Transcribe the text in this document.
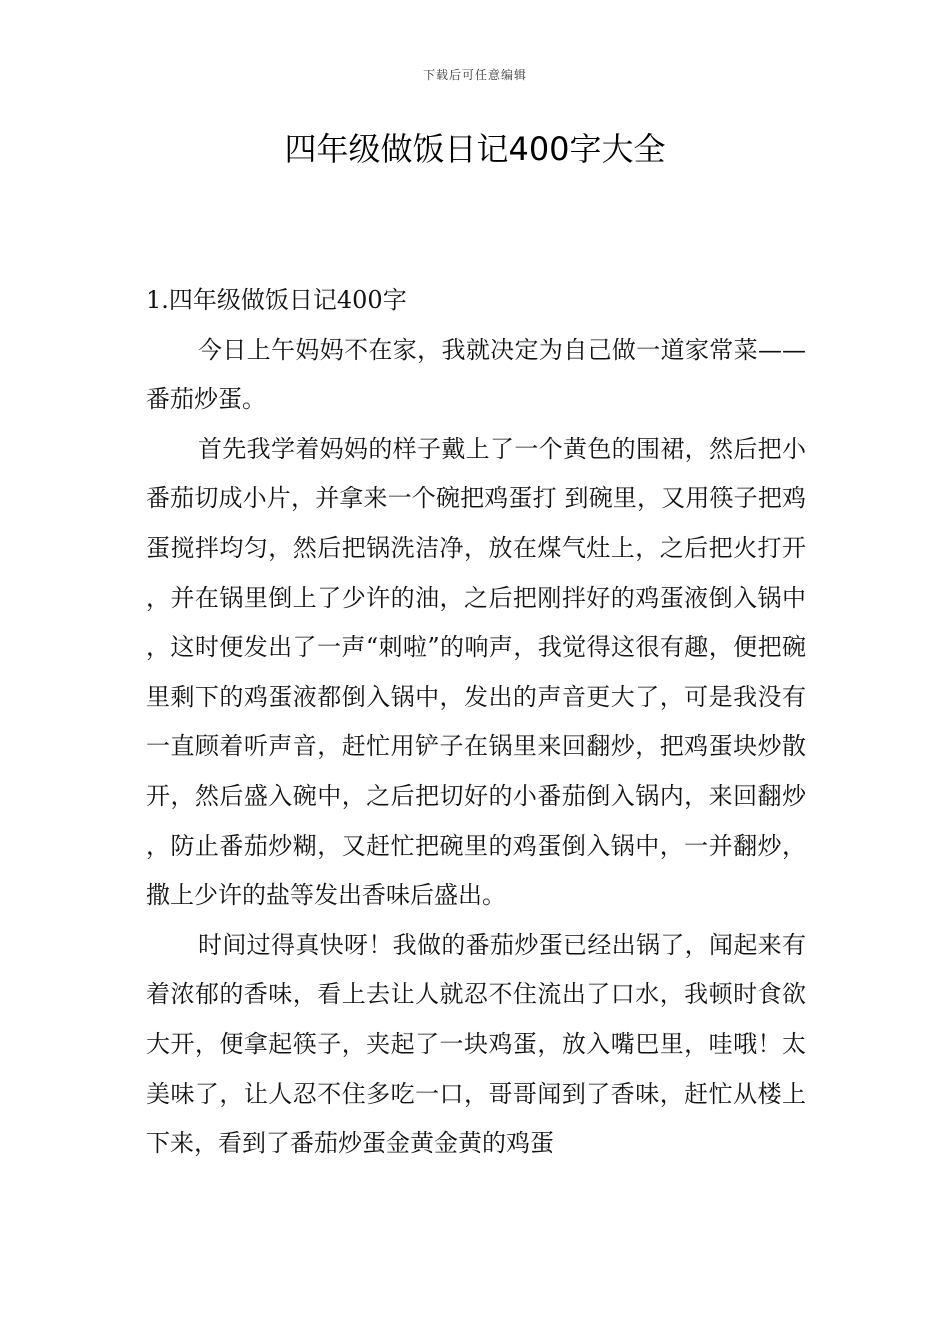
下载后可任意编辑
四年级做饭日记400字大全

1.四年级做饭日记400字

今日上午妈妈不在家，我就决定为自己做一道家常菜——番茄炒蛋。

首先我学着妈妈的样子戴上了一个黄色的围裙，然后把小番茄切成小片，并拿来一个碗把鸡蛋打 到碗里，又用筷子把鸡蛋搅拌均匀，然后把锅洗洁净，放在煤气灶上，之后把火打开，并在锅里倒上了少许的油，之后把刚拌好的鸡蛋液倒入锅中，这时便发出了一声“刺啦”的响声，我觉得这很有趣，便把碗里剩下的鸡蛋液都倒入锅中，发出的声音更大了，可是我没有一直顾着听声音，赶忙用铲子在锅里来回翻炒，把鸡蛋块炒散开，然后盛入碗中，之后把切好的小番茄倒入锅内，来回翻炒，防止番茄炒糊，又赶忙把碗里的鸡蛋倒入锅中，一并翻炒，撒上少许的盐等发出香味后盛出。

时间过得真快呀！我做的番茄炒蛋已经出锅了，闻起来有着浓郁的香味，看上去让人就忍不住流出了口水，我顿时食欲大开，便拿起筷子，夹起了一块鸡蛋，放入嘴巴里，哇哦！太美味了，让人忍不住多吃一口，哥哥闻到了香味，赶忙从楼上下来，看到了番茄炒蛋金黄金黄的鸡蛋
